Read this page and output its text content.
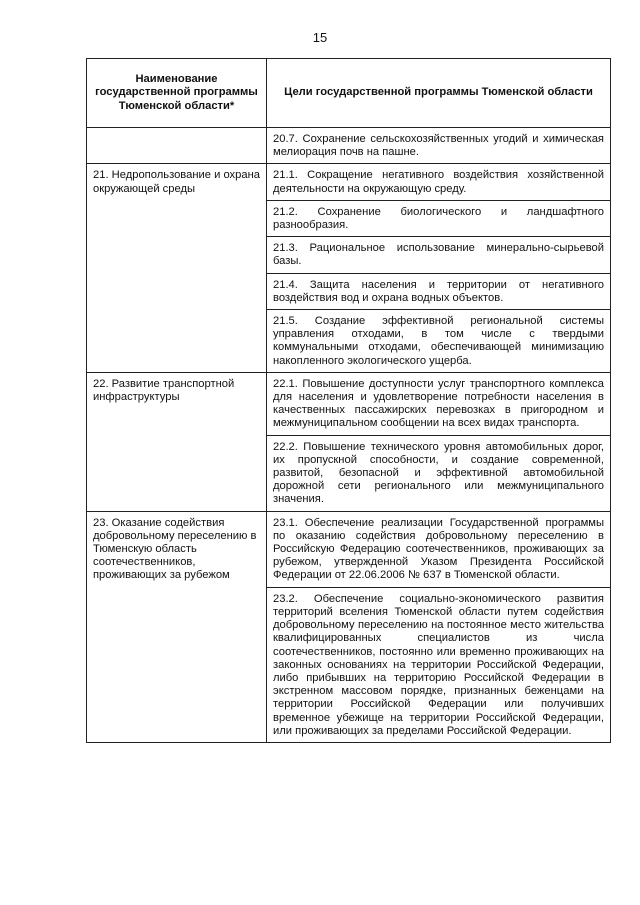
15
Наименование государственной программы Тюменской области*	Цели государственной программы Тюменской области
	20.7. Сохранение сельскохозяйственных угодий и химическая мелиорация почв на пашне.
21. Недропользование и охрана окружающей среды	21.1. Сокращение негативного воздействия хозяйственной деятельности на окружающую среду.
	21.2. Сохранение биологического и ландшафтного разнообразия.
	21.3. Рациональное использование минерально-сырьевой базы.
	21.4. Защита населения и территории от негативного воздействия вод и охрана водных объектов.
	21.5. Создание эффективной региональной системы управления отходами, в том числе с твердыми коммунальными отходами, обеспечивающей минимизацию накопленного экологического ущерба.
22. Развитие транспортной инфраструктуры	22.1. Повышение доступности услуг транспортного комплекса для населения и удовлетворение потребности населения в качественных пассажирских перевозках в пригородном и межмуниципальном сообщении на всех видах транспорта.
	22.2. Повышение технического уровня автомобильных дорог, их пропускной способности, и создание современной, развитой, безопасной и эффективной автомобильной дорожной сети регионального или межмуниципального значения.
23. Оказание содействия добровольному переселению в Тюменскую область соотечественников, проживающих за рубежом	23.1. Обеспечение реализации Государственной программы по оказанию содействия добровольному переселению в Российскую Федерацию соотечественников, проживающих за рубежом, утвержденной Указом Президента Российской Федерации от 22.06.2006 № 637 в Тюменской области.
	23.2. Обеспечение социально-экономического развития территорий вселения Тюменской области путем содействия добровольному переселению на постоянное место жительства квалифицированных специалистов из числа соотечественников, постоянно или временно проживающих на законных основаниях на территории Российской Федерации, либо прибывших на территорию Российской Федерации в экстренном массовом порядке, признанных беженцами на территории Российской Федерации или получивших временное убежище на территории Российской Федерации, или проживающих за пределами Российской Федерации.
